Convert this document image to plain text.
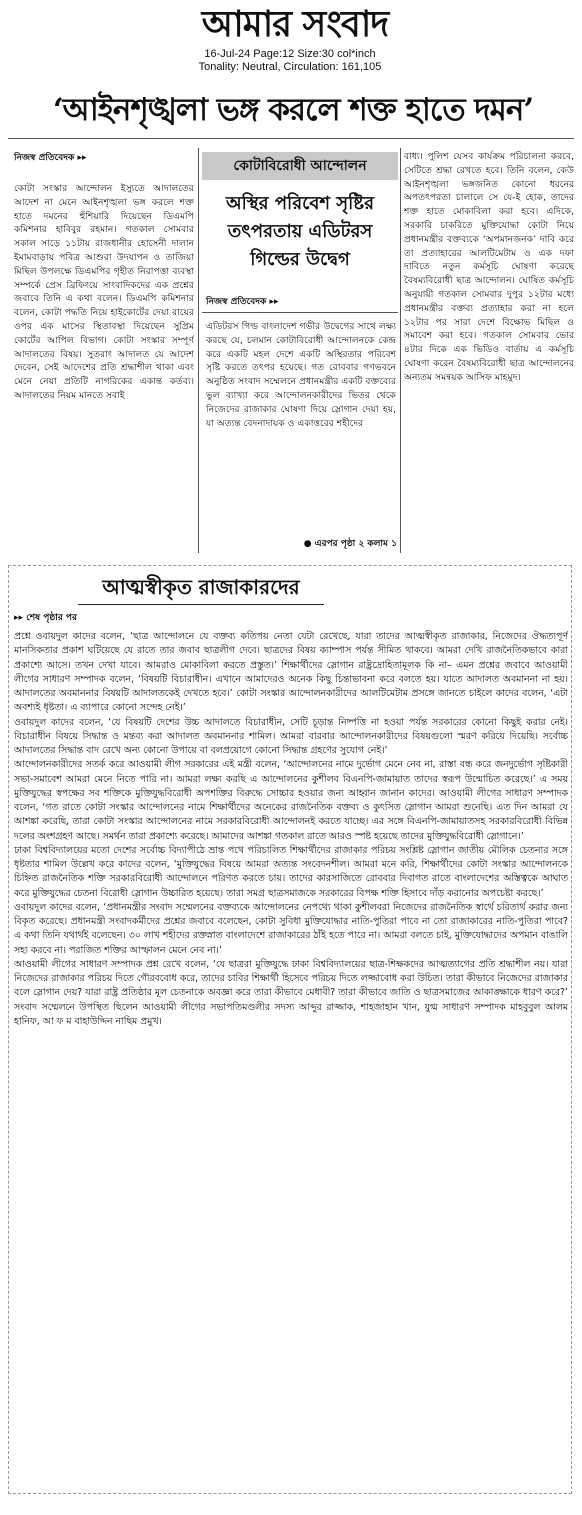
আমার সংবাদ
16-Jul-24 Page:12 Size:30 col*inch
Tonality: Neutral, Circulation: 161,105
‘আইনশৃঙ্খলা ভঙ্গ করলে শক্ত হাতে দমন’
নিজস্ব প্রতিবেদক ▸▸

কোটা সংস্কার আন্দোলন ইস্যুতে আদালতের আদেশ না মেনে আইনশৃঙ্খলা ভঙ্গ করলে শক্ত হাতে দমনের হুঁশিয়ারি দিয়েছেন ডিএমপি কমিশনার হাবিবুর রহমান। গতকাল সোমবার সকাল সাড়ে ১১টায় রাজধানীর হোসেনী দালান ইমামবাড়ায় পবিত্র আশুরা উদযাপন ও তাজিয়া মিছিল উপলক্ষে ডিএমপির গৃহীত নিরাপত্তা ব্যবস্থা সম্পর্কে প্রেস ব্রিফিংয়ে সাংবাদিকদের এক প্রশ্নের জবাবে তিনি এ কথা বলেন। ডিএমপি কমিশনার বলেন, কোটা পদ্ধতি নিয়ে হাইকোর্টের দেয়া রায়ের ওপর এক মাসের স্থিতাবস্থা দিয়েছেন সুপ্রিম কোর্টের আপিল বিভাগ। কোটা সংস্কার সম্পূর্ণ আদালতের বিষয়। সুতরাং আদালত যে আদেশ দেবেন, সেই আদেশের প্রতি শ্রদ্ধাশীল থাকা এবং মেনে নেয়া প্রতিটি নাগরিকের একান্ত কর্তব্য। আদালতের নিয়ম মানতে সবাই

কোটাবিরোধী আন্দোলন
অস্থির পরিবেশ সৃষ্টির তৎপরতায় এডিটরস গিল্ডের উদ্বেগ
নিজস্ব প্রতিবেদক ▸▸

এডিটরস গিল্ড বাংলাদেশ গভীর উদ্বেগের সাথে লক্ষ্য করছে যে, চলমান কোটাবিরোধী আন্দোলনকে কেন্দ্র করে একটি মহল দেশে একটি অস্থিরতার পরিবেশ সৃষ্টি করতে তৎপর হয়েছে। গত রোববার গণভবনে অনুষ্ঠিত সংবাদ সম্মেলনে প্রধানমন্ত্রীর একটি বক্তব্যের ভুল ব্যাখ্যা করে আন্দোলনকারীদের ভিতর থেকে নিজেদের রাজাকার ঘোষণা দিয়ে স্লোগান দেয়া হয়, যা অত্যন্ত বেদনাদায়ক ও একাত্তরের শহীদের

● এরপর পৃষ্ঠা ২ কলাম ১

বাধ্য। পুলিশ যেসব কার্যক্রম পরিচালনা করবে, সেটিতে শ্রদ্ধা রেখতে হবে। তিনি বলেন, কেউ আইনশৃঙ্খলা ভঙ্গজনিত কোনো ধরনের অপতৎপরতা চালালে সে যে-ই হোক, তাদের শক্ত হাতে মোকাবিলা করা হবে। এদিকে, সরকারি চাকরিতে মুক্তিযোদ্ধা কোটা নিয়ে প্রধানমন্ত্রীর বক্তব্যকে ‘অপমানজনক’ দাবি করে তা প্রত্যাহারের আলটিমেটাম ও এক দফা দাবিতে নতুন কর্মসূচি ঘোষণা করেছে বৈষম্যবিরোধী ছাত্র আন্দোলন। ঘোষিত কর্মসূচি অনুযায়ী গতকাল সোমবার দুপুর ১২টার মধ্যে প্রধানমন্ত্রীর বক্তব্য প্রত্যাহার করা না হলে ১২টার পর সারা দেশে বিক্ষোভ মিছিল ও সমাবেশ করা হবে। গতকাল সোমবার ভোর ৪টার দিকে এক ভিডিও বার্তায় এ কর্মসূচি ঘোষণা করেন বৈষম্যবিরোধী ছাত্র আন্দোলনের অন্যতম সমন্বয়ক আসিফ মাহমুদ।

আত্মস্বীকৃত রাজাকারদের
▸▸ শেষ পৃষ্ঠার পর

প্রশ্নে ওবায়দুল কাদের বলেন, ‘ছাত্র আন্দোলনে যে বক্তব্য কতিপয় নেতা যেটা রেখেছে, যারা তাদের আত্মস্বীকৃত রাজাকার, নিজেদের ঔদ্ধত্যপূর্ণ মানসিকতার প্রকাশ ঘটিয়েছে যে রাতে তার জবাব ছাত্রলীগ দেবে। ছাত্রদের বিষয় ক্যাম্পাস পর্যন্ত সীমিত থাকবে। আমরা দেখি রাজনৈতিকভাবে কারা প্রকাশ্যে আসে। তখন দেখা যাবে। আমরাও মোকাবিলা করতে প্রস্তুত।’ শিক্ষার্থীদের স্লোগান রাষ্ট্রদ্রোহিতামূলক কি না– এমন প্রশ্নের জবাবে আওয়ামী লীগের সাধারণ সম্পাদক বলেন, ‘বিষয়টি বিচারাধীন। এখানে আমাদেরও অনেক কিছু চিন্তাভাবনা করে বলতে হয়। যাতে আদালত অবমাননা না হয়। আদালতের অবমাননার বিষয়টি আদালতকেই দেখতে হবে।’ কোটা সংস্কার আন্দোলনকারীদের আলটিমেটাম প্রসঙ্গে জানতে চাইলে কাদের বলেন, ‘এটা অবশ্যই ধৃষ্টতা। এ ব্যাপারে কোনো সন্দেহ নেই।’

ওবায়দুল কাদের বলেন, ‘যে বিষয়টি দেশের উচ্চ আদালতে বিচারাধীন, সেটি চূড়ান্ত নিষ্পত্তি না হওয়া পর্যন্ত সরকারের কোনো কিছুই করার নেই। বিচারাধীন বিষয়ে সিদ্ধান্ত ও মন্তব্য করা আদালত অবমাননার শামিল। আমরা বারবার আন্দোলনকারীদের বিষয়গুলো স্মরণ করিয়ে দিয়েছি। সর্বোচ্চ আদালতের সিদ্ধান্ত বাদ রেখে অন্য কোনো উপায়ে বা বলপ্রয়োগে কোনো সিদ্ধান্ত গ্রহণের সুযোগ নেই।’

আন্দোলনকারীদের সতর্ক করে আওয়ামী লীগ সরকারের এই মন্ত্রী বলেন, ‘আন্দোলনের নামে দুর্ভোগ মেনে নেব না, রাস্তা বন্ধ করে জনদুর্ভোগ সৃষ্টিকারী সভা-সমাবেশ আমরা মেনে নিতে পারি না। আমরা লক্ষ্য করছি এ আন্দোলনের কুশীলব বিএনপি-জামায়াত তাদের স্বরূপ উন্মোচিত করেছে।’ এ সময় মুক্তিযুদ্ধের স্বপক্ষের সব শক্তিকে মুক্তিযুদ্ধবিরোধী অপশক্তির বিরুদ্ধে সোচ্চার হওয়ার জন্য আহ্বান জানান কাদের। আওয়ামী লীগের সাধারণ সম্পাদক বলেন, ‘গত রাতে কোটা সংস্কার আন্দোলনের নামে শিক্ষার্থীদের অনেকের রাজনৈতিক বক্তব্য ও কুৎসিত স্লোগান আমরা শুনেছি। এত দিন আমরা যে আশঙ্কা করেছি, তারা কোটা সংস্কার আন্দোলনের নামে সরকারবিরোধী আন্দোলনই করতে যাচ্ছে। এর সঙ্গে বিএনপি-জামায়াতসহ সরকারবিরোধী বিভিন্ন দলের অংশগ্রহণ আছে। সমর্থন তারা প্রকাশ্যে করেছে। আমাদের আশঙ্কা গতকাল রাতে আরও স্পষ্ট হয়েছে তাদের মুক্তিযুদ্ধবিরোধী স্লোগানে।’

ঢাকা বিশ্ববিদ্যালয়ের মতো দেশের সর্বোচ্চ বিদ্যাপীঠে ভ্রান্ত পথে পরিচালিত শিক্ষার্থীদের রাজাকার পরিচয় সংশ্লিষ্ট স্লোগান জাতীয় মৌলিক চেতনার সঙ্গে ধৃষ্টতার শামিল উল্লেখ করে কাদের বলেন, ‘মুক্তিযুদ্ধের বিষয়ে আমরা অত্যন্ত সংবেদনশীল। আমরা মনে করি, শিক্ষার্থীদের কোটা সংস্কার আন্দোলনকে চিহ্নিত রাজনৈতিক শক্তি সরকারবিরোধী আন্দোলনে পরিণত করতে চায়। তাদের কারসাজিতে রোববার দিবাগত রাতে বাংলাদেশের অস্তিত্বকে আঘাত করে মুক্তিযুদ্ধের চেতনা বিরোধী স্লোগান উচ্চারিত হয়েছে। তারা সমগ্র ছাত্রসমাজকে সরকারের বিপক্ষ শক্তি হিসাবে দাঁড় করানোর অপচেষ্টা করছে।’

ওবায়দুল কাদের বলেন, ‘প্রধানমন্ত্রীর সংবাদ সম্মেলনের বক্তব্যকে আন্দোলনের নেপথ্যে থাকা কুশীলবরা নিজেদের রাজনৈতিক স্বার্থে চরিতার্থ করার জন্য বিকৃত করেছে। প্রধানমন্ত্রী সংবাদকর্মীদের প্রশ্নের জবাবে বলেছেন, কোটা সুবিধা মুক্তিযোদ্ধার নাতি-পুতিরা পাবে না তো রাজাকারের নাতি-পুতিরা পাবে? এ কথা তিনি যথার্থই বলেছেন। ৩০ লাখ শহীদের রক্তস্নাত বাংলাদেশে রাজাকারের ঠাঁই হতে পারে না। আমরা বলতে চাই, মুক্তিযোদ্ধাদের অপমান বাঙালি সহ্য করবে না। পরাজিত শক্তির আস্ফালন মেনে নেব না।’

আওয়ামী লীগের সাধারণ সম্পাদক প্রশ্ন রেখে বলেন, ‘যে ছাত্ররা মুক্তিযুদ্ধে ঢাকা বিশ্ববিদ্যালয়ের ছাত্র-শিক্ষকদের আত্মত্যাগের প্রতি শ্রদ্ধাশীল নয়। যারা নিজেদের রাজাকার পরিচয় দিতে গৌরববোধ করে, তাদের চাবির শিক্ষার্থী হিসেবে পরিচয় দিতে লজ্জাবোধ করা উচিত। তারা কীভাবে নিজেদের রাজাকার বলে স্লোগান দেয়? যারা রাষ্ট্র প্রতিষ্ঠার মূল চেতনাকে অবজ্ঞা করে তারা কীভাবে মেধাবী? তারা কীভাবে জাতি ও ছাত্রসমাজের আকাঙ্ক্ষাকে ধারণ করে?’ সংবাদ সম্মেলনে উপস্থিত ছিলেন আওয়ামী লীগের সভাপতিমণ্ডলীর সদস্য আব্দুর রাজ্জাক, শাহজাহান খান, যুগ্ম সাধারণ সম্পাদক মাহবুবুল আলম হানিফ, আ ফ ম বাহাউদ্দিন নাছিম প্রমুখ।
